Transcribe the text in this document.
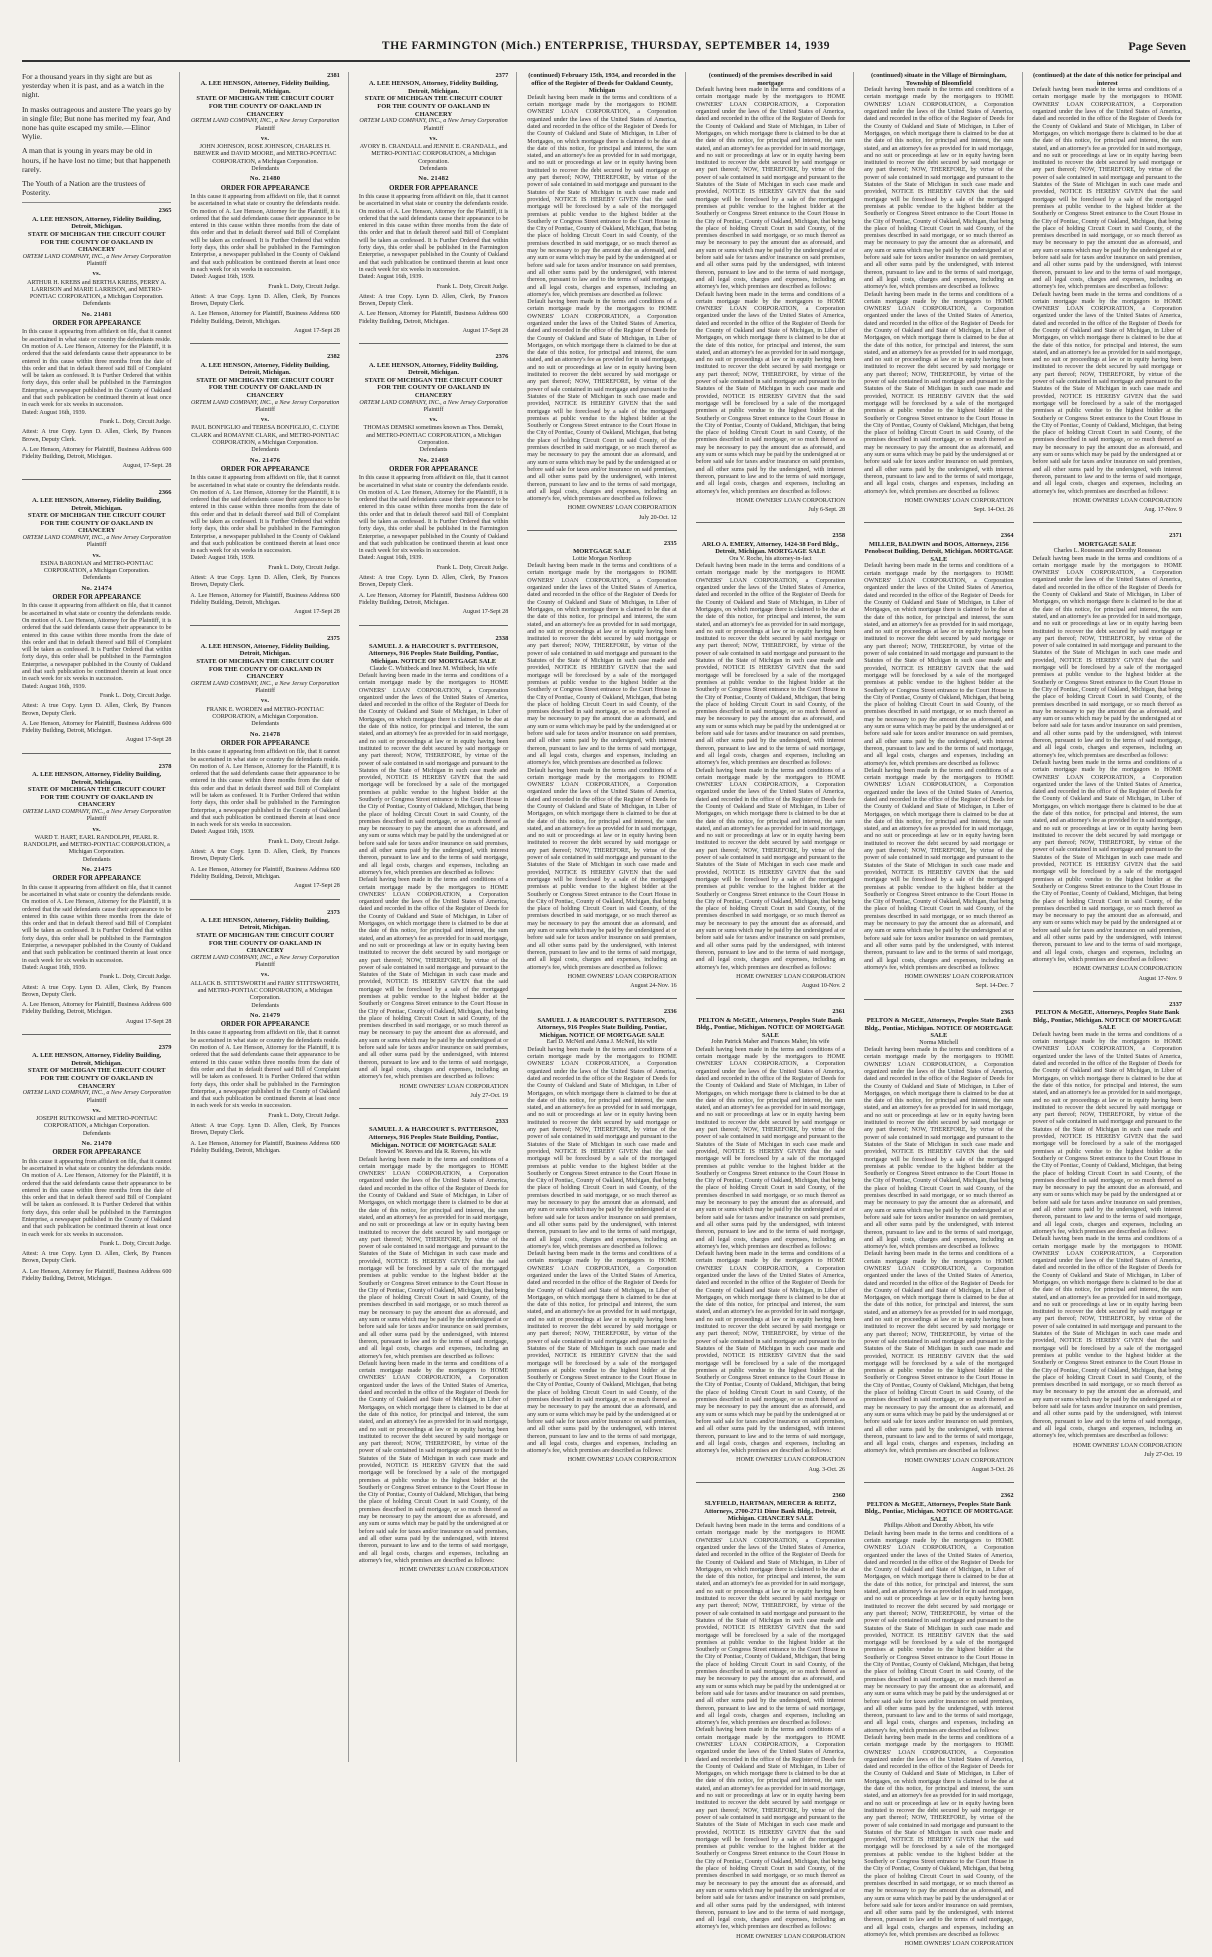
THE FARMINGTON (Mich.) ENTERPRISE, THURSDAY, SEPTEMBER 14, 1939	Page Seven

For a thousand years in thy sight are but as yesterday when it is past, and as a watch in the night.

In masks outrageous and austere The years go by in single file; But none has merited my fear, And none has quite escaped my smile.—Elinor Wylie.

A man that is young in years may be old in hours, if he have lost no time; but that happeneth rarely.

The Youth of a Nation are the trustees of Posterity.

2365
A. LEE HENSON, Attorney, Fidelity Building, Detroit, Michigan.
STATE OF MICHIGAN THE CIRCUIT COURT FOR THE COUNTY OF OAKLAND IN CHANCERY
ORTEM LAND COMPANY, INC., a New Jersey Corporation
Plaintiff
vs.
ARTHUR H. KREBS and BERTHA KREBS, PERRY A. LARRISON and MARIE LARRISON, and METRO-PONTIAC CORPORATION, a Michigan Corporation.
Defendants
No. 21481
ORDER FOR APPEARANCE
In this cause it appearing from affidavit on file, that it cannot be ascertained in what state or country the defendants reside. On motion of A. Lee Henson, Attorney for the Plaintiff, it is ordered that the said defendants cause their appearance to be entered in this cause within three months from the date of this order and that in default thereof said Bill of Complaint will be taken as confessed. It is Further Ordered that within forty days, this order shall be published in the Farmington Enterprise, a newspaper published in the County of Oakland and that such publication be continued therein at least once in each week for six weeks in succession.
Dated: August 16th, 1939.
Frank L. Doty, Circuit Judge.
Attest: A true Copy. Lynn D. Allen, Clerk, By Frances Brown, Deputy Clerk.
A. Lee Henson, Attorney for Plaintiff, Business Address 600 Fidelity Building, Detroit, Michigan.
August, 17-Sept. 28
2366
A. LEE HENSON, Attorney, Fidelity Building, Detroit, Michigan.
STATE OF MICHIGAN THE CIRCUIT COURT FOR THE COUNTY OF OAKLAND IN CHANCERY
ORTEM LAND COMPANY, INC., a New Jersey Corporation
Plaintiff
vs.
ESINA BARONIAN and METRO-PONTIAC CORPORATION, a Michigan Corporation.
Defendants
No. 21474
ORDER FOR APPEARANCE
In this cause it appearing from affidavit on file, that it cannot be ascertained in what state or country the defendants reside. On motion of A. Lee Henson, Attorney for the Plaintiff, it is ordered that the said defendants cause their appearance to be entered in this cause within three months from the date of this order and that in default thereof said Bill of Complaint will be taken as confessed. It is Further Ordered that within forty days, this order shall be published in the Farmington Enterprise, a newspaper published in the County of Oakland and that such publication be continued therein at least once in each week for six weeks in succession.
Dated: August 16th, 1939.
Frank L. Doty, Circuit Judge.
Attest: A true Copy. Lynn D. Allen, Clerk, By Frances Brown, Deputy Clerk.
A. Lee Henson, Attorney for Plaintiff, Business Address 600 Fidelity Building, Detroit, Michigan.
August 17-Sept 28
2378
A. LEE HENSON, Attorney, Fidelity Building, Detroit, Michigan.
STATE OF MICHIGAN THE CIRCUIT COURT FOR THE COUNTY OF OAKLAND IN CHANCERY
ORTEM LAND COMPANY, INC., a New Jersey Corporation
Plaintiff
vs.
WARD T. HART, EARL RANDOLPH, PEARL R. RANDOLPH, and METRO-PONTIAC CORPORATION, a Michigan Corporation.
Defendants
No. 21475
ORDER FOR APPEARANCE
In this cause it appearing from affidavit on file, that it cannot be ascertained in what state or country the defendants reside. On motion of A. Lee Henson, Attorney for the Plaintiff, it is ordered that the said defendants cause their appearance to be entered in this cause within three months from the date of this order and that in default thereof said Bill of Complaint will be taken as confessed. It is Further Ordered that within forty days, this order shall be published in the Farmington Enterprise, a newspaper published in the County of Oakland and that such publication be continued therein at least once in each week for six weeks in succession.
Dated: August 16th, 1939.
Frank L. Doty, Circuit Judge.
Attest: A true Copy. Lynn D. Allen, Clerk, By Frances Brown, Deputy Clerk.
A. Lee Henson, Attorney for Plaintiff, Business Address 600 Fidelity Building, Detroit, Michigan.
August 17-Sept 28
2379
A. LEE HENSON, Attorney, Fidelity Building, Detroit, Michigan.
STATE OF MICHIGAN THE CIRCUIT COURT FOR THE COUNTY OF OAKLAND IN CHANCERY
ORTEM LAND COMPANY, INC., a New Jersey Corporation
Plaintiff
vs.
JOSEPH RUTKOWSKI and METRO-PONTIAC CORPORATION, a Michigan Corporation.
Defendants
No. 21470
ORDER FOR APPEARANCE
In this cause it appearing from affidavit on file, that it cannot be ascertained in what state or country the defendants reside. On motion of A. Lee Henson, Attorney for the Plaintiff, it is ordered that the said defendants cause their appearance to be entered in this cause within three months from the date of this order and that in default thereof said Bill of Complaint will be taken as confessed. It is Further Ordered that within forty days, this order shall be published in the Farmington Enterprise, a newspaper published in the County of Oakland and that such publication be continued therein at least once in each week for six weeks in succession.
Frank L. Doty, Circuit Judge.
Attest: A true Copy. Lynn D. Allen, Clerk, By Frances Brown, Deputy Clerk.
A. Lee Henson, Attorney for Plaintiff, Business Address 600 Fidelity Building, Detroit, Michigan.
2381
A. LEE HENSON, Attorney, Fidelity Building, Detroit, Michigan.
STATE OF MICHIGAN THE CIRCUIT COURT FOR THE COUNTY OF OAKLAND IN CHANCERY
ORTEM LAND COMPANY, INC., a New Jersey Corporation
Plaintiff
vs.
JOHN JOHNSON, ROSE JOHNSON, CHARLES H. BREWER and DAVID MOORE, and METRO-PONTIAC CORPORATION, a Michigan Corporation.
Defendants
No. 21480
ORDER FOR APPEARANCE
In this cause it appearing from affidavit on file, that it cannot be ascertained in what state or country the defendants reside. On motion of A. Lee Henson, Attorney for the Plaintiff, it is ordered that the said defendants cause their appearance to be entered in this cause within three months from the date of this order and that in default thereof said Bill of Complaint will be taken as confessed. It is Further Ordered that within forty days, this order shall be published in the Farmington Enterprise, a newspaper published in the County of Oakland and that such publication be continued therein at least once in each week for six weeks in succession.
Dated: August 16th, 1939.
Frank L. Doty, Circuit Judge.
Attest: A true Copy. Lynn D. Allen, Clerk, By Frances Brown, Deputy Clerk.
A. Lee Henson, Attorney for Plaintiff, Business Address 600 Fidelity Building, Detroit, Michigan.
August 17-Sept 28
2382
A. LEE HENSON, Attorney, Fidelity Building, Detroit, Michigan.
STATE OF MICHIGAN THE CIRCUIT COURT FOR THE COUNTY OF OAKLAND IN CHANCERY
ORTEM LAND COMPANY, INC., a New Jersey Corporation
Plaintiff
vs.
PAUL BONFIGLIO and TERESA BONFIGLIO, C. CLYDE CLARK and ROMAYNE CLARK, and METRO-PONTIAC CORPORATION, a Michigan Corporation.
Defendants
No. 21476
ORDER FOR APPEARANCE
In this cause it appearing from affidavit on file, that it cannot be ascertained in what state or country the defendants reside. On motion of A. Lee Henson, Attorney for the Plaintiff, it is ordered that the said defendants cause their appearance to be entered in this cause within three months from the date of this order and that in default thereof said Bill of Complaint will be taken as confessed. It is Further Ordered that within forty days, this order shall be published in the Farmington Enterprise, a newspaper published in the County of Oakland and that such publication be continued therein at least once in each week for six weeks in succession.
Dated: August 16th, 1939.
Frank L. Doty, Circuit Judge.
Attest: A true Copy. Lynn D. Allen, Clerk, By Frances Brown, Deputy Clerk.
A. Lee Henson, Attorney for Plaintiff, Business Address 600 Fidelity Building, Detroit, Michigan.
August 17-Sept 28
2375
A. LEE HENSON, Attorney, Fidelity Building, Detroit, Michigan.
STATE OF MICHIGAN THE CIRCUIT COURT FOR THE COUNTY OF OAKLAND IN CHANCERY
ORTEM LAND COMPANY, INC., a New Jersey Corporation
Plaintiff
vs.
FRANK E. WORDEN and METRO-PONTIAC CORPORATION, a Michigan Corporation.
Defendants
No. 21478
ORDER FOR APPEARANCE
In this cause it appearing from affidavit on file, that it cannot be ascertained in what state or country the defendants reside. On motion of A. Lee Henson, Attorney for the Plaintiff, it is ordered that the said defendants cause their appearance to be entered in this cause within three months from the date of this order and that in default thereof said Bill of Complaint will be taken as confessed. It is Further Ordered that within forty days, this order shall be published in the Farmington Enterprise, a newspaper published in the County of Oakland and that such publication be continued therein at least once in each week for six weeks in succession.
Dated: August 16th, 1939.
Frank L. Doty, Circuit Judge.
Attest: A true Copy. Lynn D. Allen, Clerk, By Frances Brown, Deputy Clerk.
A. Lee Henson, Attorney for Plaintiff, Business Address 600 Fidelity Building, Detroit, Michigan.
August 17-Sept 28
2373
A. LEE HENSON, Attorney, Fidelity Building, Detroit, Michigan.
STATE OF MICHIGAN THE CIRCUIT COURT FOR THE COUNTY OF OAKLAND IN CHANCERY
ORTEM LAND COMPANY, INC., a New Jersey Corporation
Plaintiff
vs.
ALLACK B. STITTSWORTH and FAIRY STITTSWORTH, and METRO-PONTIAC CORPORATION, a Michigan Corporation.
Defendants
No. 21479
ORDER FOR APPEARANCE
In this cause it appearing from affidavit on file, that it cannot be ascertained in what state or country the defendants reside. On motion of A. Lee Henson, Attorney for the Plaintiff, it is ordered that the said defendants cause their appearance to be entered in this cause within three months from the date of this order and that in default thereof said Bill of Complaint will be taken as confessed. It is Further Ordered that within forty days, this order shall be published in the Farmington Enterprise, a newspaper published in the County of Oakland and that such publication be continued therein at least once in each week for six weeks in succession.
Frank L. Doty, Circuit Judge.
Attest: A true Copy. Lynn D. Allen, Clerk, By Frances Brown, Deputy Clerk.
A. Lee Henson, Attorney for Plaintiff, Business Address 600 Fidelity Building, Detroit, Michigan.
2377
A. LEE HENSON, Attorney, Fidelity Building, Detroit, Michigan.
STATE OF MICHIGAN THE CIRCUIT COURT FOR THE COUNTY OF OAKLAND IN CHANCERY
ORTEM LAND COMPANY, INC., a New Jersey Corporation
Plaintiff
vs.
AVORY B. CRANDALL and JENNIE E. CRANDALL, and METRO-PONTIAC CORPORATION, a Michigan Corporation.
Defendants
No. 21482
ORDER FOR APPEARANCE
In this cause it appearing from affidavit on file, that it cannot be ascertained in what state or country the defendants reside. On motion of A. Lee Henson, Attorney for the Plaintiff, it is ordered that the said defendants cause their appearance to be entered in this cause within three months from the date of this order and that in default thereof said Bill of Complaint will be taken as confessed. It is Further Ordered that within forty days, this order shall be published in the Farmington Enterprise, a newspaper published in the County of Oakland and that such publication be continued therein at least once in each week for six weeks in succession.
Dated: August 16th, 1939.
Frank L. Doty, Circuit Judge.
Attest: A true Copy. Lynn D. Allen, Clerk, By Frances Brown, Deputy Clerk.
A. Lee Henson, Attorney for Plaintiff, Business Address 600 Fidelity Building, Detroit, Michigan.
August 17-Sept 28
2376
A. LEE HENSON, Attorney, Fidelity Building, Detroit, Michigan.
STATE OF MICHIGAN THE CIRCUIT COURT FOR THE COUNTY OF OAKLAND IN CHANCERY
ORTEM LAND COMPANY, INC., a New Jersey Corporation
Plaintiff
vs.
THOMAS DEMSKI sometimes known as Thos. Demski, and METRO-PONTIAC CORPORATION, a Michigan Corporation.
Defendants
No. 21469
ORDER FOR APPEARANCE
In this cause it appearing from affidavit on file, that it cannot be ascertained in what state or country the defendants reside. On motion of A. Lee Henson, Attorney for the Plaintiff, it is ordered that the said defendants cause their appearance to be entered in this cause within three months from the date of this order and that in default thereof said Bill of Complaint will be taken as confessed. It is Further Ordered that within forty days, this order shall be published in the Farmington Enterprise, a newspaper published in the County of Oakland and that such publication be continued therein at least once in each week for six weeks in succession.
Dated: August 16th, 1939.
Frank L. Doty, Circuit Judge.
Attest: A true Copy. Lynn D. Allen, Clerk, By Frances Brown, Deputy Clerk.
A. Lee Henson, Attorney for Plaintiff, Business Address 600 Fidelity Building, Detroit, Michigan.
August 17-Sept 28
2338
SAMUEL J. & HARCOURT S. PATTERSON, Attorneys, 916 Peoples State Building, Pontiac, Michigan. NOTICE OF MORTGAGE SALE
Claude C. Whitbeck and Inez M. Whitbeck, his wife
Default having been made in the terms and conditions of a certain mortgage made by the mortgagors to HOME OWNERS' LOAN CORPORATION, a Corporation organized under the laws of the United States of America, dated and recorded in the office of the Register of Deeds for the County of Oakland and State of Michigan, in Liber of Mortgages, on which mortgage there is claimed to be due at the date of this notice, for principal and interest, the sum stated, and an attorney's fee as provided for in said mortgage, and no suit or proceedings at law or in equity having been instituted to recover the debt secured by said mortgage or any part thereof; NOW, THEREFORE, by virtue of the power of sale contained in said mortgage and pursuant to the Statutes of the State of Michigan in such case made and provided, NOTICE IS HEREBY GIVEN that the said mortgage will be foreclosed by a sale of the mortgaged premises at public vendue to the highest bidder at the Southerly or Congress Street entrance to the Court House in the City of Pontiac, County of Oakland, Michigan, that being the place of holding Circuit Court in said County, of the premises described in said mortgage, or so much thereof as may be necessary to pay the amount due as aforesaid, and any sum or sums which may be paid by the undersigned at or before said sale for taxes and/or insurance on said premises, and all other sums paid by the undersigned, with interest thereon, pursuant to law and to the terms of said mortgage, and all legal costs, charges and expenses, including an attorney's fee, which premises are described as follows:
Default having been made in the terms and conditions of a certain mortgage made by the mortgagors to HOME OWNERS' LOAN CORPORATION, a Corporation organized under the laws of the United States of America, dated and recorded in the office of the Register of Deeds for the County of Oakland and State of Michigan, in Liber of Mortgages, on which mortgage there is claimed to be due at the date of this notice, for principal and interest, the sum stated, and an attorney's fee as provided for in said mortgage, and no suit or proceedings at law or in equity having been instituted to recover the debt secured by said mortgage or any part thereof; NOW, THEREFORE, by virtue of the power of sale contained in said mortgage and pursuant to the Statutes of the State of Michigan in such case made and provided, NOTICE IS HEREBY GIVEN that the said mortgage will be foreclosed by a sale of the mortgaged premises at public vendue to the highest bidder at the Southerly or Congress Street entrance to the Court House in the City of Pontiac, County of Oakland, Michigan, that being the place of holding Circuit Court in said County, of the premises described in said mortgage, or so much thereof as may be necessary to pay the amount due as aforesaid, and any sum or sums which may be paid by the undersigned at or before said sale for taxes and/or insurance on said premises, and all other sums paid by the undersigned, with interest thereon, pursuant to law and to the terms of said mortgage, and all legal costs, charges and expenses, including an attorney's fee, which premises are described as follows:
HOME OWNERS' LOAN CORPORATION
July 27-Oct. 19
2333
SAMUEL J. & HARCOURT S. PATTERSON, Attorneys, 916 Peoples State Building, Pontiac, Michigan. NOTICE OF MORTGAGE SALE
Howard W. Reeves and Ida R. Reeves, his wife
Default having been made in the terms and conditions of a certain mortgage made by the mortgagors to HOME OWNERS' LOAN CORPORATION, a Corporation organized under the laws of the United States of America, dated and recorded in the office of the Register of Deeds for the County of Oakland and State of Michigan, in Liber of Mortgages, on which mortgage there is claimed to be due at the date of this notice, for principal and interest, the sum stated, and an attorney's fee as provided for in said mortgage, and no suit or proceedings at law or in equity having been instituted to recover the debt secured by said mortgage or any part thereof; NOW, THEREFORE, by virtue of the power of sale contained in said mortgage and pursuant to the Statutes of the State of Michigan in such case made and provided, NOTICE IS HEREBY GIVEN that the said mortgage will be foreclosed by a sale of the mortgaged premises at public vendue to the highest bidder at the Southerly or Congress Street entrance to the Court House in the City of Pontiac, County of Oakland, Michigan, that being the place of holding Circuit Court in said County, of the premises described in said mortgage, or so much thereof as may be necessary to pay the amount due as aforesaid, and any sum or sums which may be paid by the undersigned at or before said sale for taxes and/or insurance on said premises, and all other sums paid by the undersigned, with interest thereon, pursuant to law and to the terms of said mortgage, and all legal costs, charges and expenses, including an attorney's fee, which premises are described as follows:
Default having been made in the terms and conditions of a certain mortgage made by the mortgagors to HOME OWNERS' LOAN CORPORATION, a Corporation organized under the laws of the United States of America, dated and recorded in the office of the Register of Deeds for the County of Oakland and State of Michigan, in Liber of Mortgages, on which mortgage there is claimed to be due at the date of this notice, for principal and interest, the sum stated, and an attorney's fee as provided for in said mortgage, and no suit or proceedings at law or in equity having been instituted to recover the debt secured by said mortgage or any part thereof; NOW, THEREFORE, by virtue of the power of sale contained in said mortgage and pursuant to the Statutes of the State of Michigan in such case made and provided, NOTICE IS HEREBY GIVEN that the said mortgage will be foreclosed by a sale of the mortgaged premises at public vendue to the highest bidder at the Southerly or Congress Street entrance to the Court House in the City of Pontiac, County of Oakland, Michigan, that being the place of holding Circuit Court in said County, of the premises described in said mortgage, or so much thereof as may be necessary to pay the amount due as aforesaid, and any sum or sums which may be paid by the undersigned at or before said sale for taxes and/or insurance on said premises, and all other sums paid by the undersigned, with interest thereon, pursuant to law and to the terms of said mortgage, and all legal costs, charges and expenses, including an attorney's fee, which premises are described as follows:
HOME OWNERS' LOAN CORPORATION
(continued) February 15th, 1934, and recorded in the office of the Register of Deeds for Oakland County, Michigan
Default having been made in the terms and conditions of a certain mortgage made by the mortgagors to HOME OWNERS' LOAN CORPORATION, a Corporation organized under the laws of the United States of America, dated and recorded in the office of the Register of Deeds for the County of Oakland and State of Michigan, in Liber of Mortgages, on which mortgage there is claimed to be due at the date of this notice, for principal and interest, the sum stated, and an attorney's fee as provided for in said mortgage, and no suit or proceedings at law or in equity having been instituted to recover the debt secured by said mortgage or any part thereof; NOW, THEREFORE, by virtue of the power of sale contained in said mortgage and pursuant to the Statutes of the State of Michigan in such case made and provided, NOTICE IS HEREBY GIVEN that the said mortgage will be foreclosed by a sale of the mortgaged premises at public vendue to the highest bidder at the Southerly or Congress Street entrance to the Court House in the City of Pontiac, County of Oakland, Michigan, that being the place of holding Circuit Court in said County, of the premises described in said mortgage, or so much thereof as may be necessary to pay the amount due as aforesaid, and any sum or sums which may be paid by the undersigned at or before said sale for taxes and/or insurance on said premises, and all other sums paid by the undersigned, with interest thereon, pursuant to law and to the terms of said mortgage, and all legal costs, charges and expenses, including an attorney's fee, which premises are described as follows:
Default having been made in the terms and conditions of a certain mortgage made by the mortgagors to HOME OWNERS' LOAN CORPORATION, a Corporation organized under the laws of the United States of America, dated and recorded in the office of the Register of Deeds for the County of Oakland and State of Michigan, in Liber of Mortgages, on which mortgage there is claimed to be due at the date of this notice, for principal and interest, the sum stated, and an attorney's fee as provided for in said mortgage, and no suit or proceedings at law or in equity having been instituted to recover the debt secured by said mortgage or any part thereof; NOW, THEREFORE, by virtue of the power of sale contained in said mortgage and pursuant to the Statutes of the State of Michigan in such case made and provided, NOTICE IS HEREBY GIVEN that the said mortgage will be foreclosed by a sale of the mortgaged premises at public vendue to the highest bidder at the Southerly or Congress Street entrance to the Court House in the City of Pontiac, County of Oakland, Michigan, that being the place of holding Circuit Court in said County, of the premises described in said mortgage, or so much thereof as may be necessary to pay the amount due as aforesaid, and any sum or sums which may be paid by the undersigned at or before said sale for taxes and/or insurance on said premises, and all other sums paid by the undersigned, with interest thereon, pursuant to law and to the terms of said mortgage, and all legal costs, charges and expenses, including an attorney's fee, which premises are described as follows:
HOME OWNERS' LOAN CORPORATION
July 20-Oct. 12
2335
MORTGAGE SALE
Lottie Morgan Northrop
Default having been made in the terms and conditions of a certain mortgage made by the mortgagors to HOME OWNERS' LOAN CORPORATION, a Corporation organized under the laws of the United States of America, dated and recorded in the office of the Register of Deeds for the County of Oakland and State of Michigan, in Liber of Mortgages, on which mortgage there is claimed to be due at the date of this notice, for principal and interest, the sum stated, and an attorney's fee as provided for in said mortgage, and no suit or proceedings at law or in equity having been instituted to recover the debt secured by said mortgage or any part thereof; NOW, THEREFORE, by virtue of the power of sale contained in said mortgage and pursuant to the Statutes of the State of Michigan in such case made and provided, NOTICE IS HEREBY GIVEN that the said mortgage will be foreclosed by a sale of the mortgaged premises at public vendue to the highest bidder at the Southerly or Congress Street entrance to the Court House in the City of Pontiac, County of Oakland, Michigan, that being the place of holding Circuit Court in said County, of the premises described in said mortgage, or so much thereof as may be necessary to pay the amount due as aforesaid, and any sum or sums which may be paid by the undersigned at or before said sale for taxes and/or insurance on said premises, and all other sums paid by the undersigned, with interest thereon, pursuant to law and to the terms of said mortgage, and all legal costs, charges and expenses, including an attorney's fee, which premises are described as follows:
Default having been made in the terms and conditions of a certain mortgage made by the mortgagors to HOME OWNERS' LOAN CORPORATION, a Corporation organized under the laws of the United States of America, dated and recorded in the office of the Register of Deeds for the County of Oakland and State of Michigan, in Liber of Mortgages, on which mortgage there is claimed to be due at the date of this notice, for principal and interest, the sum stated, and an attorney's fee as provided for in said mortgage, and no suit or proceedings at law or in equity having been instituted to recover the debt secured by said mortgage or any part thereof; NOW, THEREFORE, by virtue of the power of sale contained in said mortgage and pursuant to the Statutes of the State of Michigan in such case made and provided, NOTICE IS HEREBY GIVEN that the said mortgage will be foreclosed by a sale of the mortgaged premises at public vendue to the highest bidder at the Southerly or Congress Street entrance to the Court House in the City of Pontiac, County of Oakland, Michigan, that being the place of holding Circuit Court in said County, of the premises described in said mortgage, or so much thereof as may be necessary to pay the amount due as aforesaid, and any sum or sums which may be paid by the undersigned at or before said sale for taxes and/or insurance on said premises, and all other sums paid by the undersigned, with interest thereon, pursuant to law and to the terms of said mortgage, and all legal costs, charges and expenses, including an attorney's fee, which premises are described as follows:
HOME OWNERS' LOAN CORPORATION
August 24-Nov. 16
2336
SAMUEL J. & HARCOURT S. PATTERSON, Attorneys, 916 Peoples State Building, Pontiac, Michigan. NOTICE OF MORTGAGE SALE
Earl D. McNeil and Anna J. McNeil, his wife
Default having been made in the terms and conditions of a certain mortgage made by the mortgagors to HOME OWNERS' LOAN CORPORATION, a Corporation organized under the laws of the United States of America, dated and recorded in the office of the Register of Deeds for the County of Oakland and State of Michigan, in Liber of Mortgages, on which mortgage there is claimed to be due at the date of this notice, for principal and interest, the sum stated, and an attorney's fee as provided for in said mortgage, and no suit or proceedings at law or in equity having been instituted to recover the debt secured by said mortgage or any part thereof; NOW, THEREFORE, by virtue of the power of sale contained in said mortgage and pursuant to the Statutes of the State of Michigan in such case made and provided, NOTICE IS HEREBY GIVEN that the said mortgage will be foreclosed by a sale of the mortgaged premises at public vendue to the highest bidder at the Southerly or Congress Street entrance to the Court House in the City of Pontiac, County of Oakland, Michigan, that being the place of holding Circuit Court in said County, of the premises described in said mortgage, or so much thereof as may be necessary to pay the amount due as aforesaid, and any sum or sums which may be paid by the undersigned at or before said sale for taxes and/or insurance on said premises, and all other sums paid by the undersigned, with interest thereon, pursuant to law and to the terms of said mortgage, and all legal costs, charges and expenses, including an attorney's fee, which premises are described as follows:
Default having been made in the terms and conditions of a certain mortgage made by the mortgagors to HOME OWNERS' LOAN CORPORATION, a Corporation organized under the laws of the United States of America, dated and recorded in the office of the Register of Deeds for the County of Oakland and State of Michigan, in Liber of Mortgages, on which mortgage there is claimed to be due at the date of this notice, for principal and interest, the sum stated, and an attorney's fee as provided for in said mortgage, and no suit or proceedings at law or in equity having been instituted to recover the debt secured by said mortgage or any part thereof; NOW, THEREFORE, by virtue of the power of sale contained in said mortgage and pursuant to the Statutes of the State of Michigan in such case made and provided, NOTICE IS HEREBY GIVEN that the said mortgage will be foreclosed by a sale of the mortgaged premises at public vendue to the highest bidder at the Southerly or Congress Street entrance to the Court House in the City of Pontiac, County of Oakland, Michigan, that being the place of holding Circuit Court in said County, of the premises described in said mortgage, or so much thereof as may be necessary to pay the amount due as aforesaid, and any sum or sums which may be paid by the undersigned at or before said sale for taxes and/or insurance on said premises, and all other sums paid by the undersigned, with interest thereon, pursuant to law and to the terms of said mortgage, and all legal costs, charges and expenses, including an attorney's fee, which premises are described as follows:
HOME OWNERS' LOAN CORPORATION
(continued) of the premises described in said mortgage
Default having been made in the terms and conditions of a certain mortgage made by the mortgagors to HOME OWNERS' LOAN CORPORATION, a Corporation organized under the laws of the United States of America, dated and recorded in the office of the Register of Deeds for the County of Oakland and State of Michigan, in Liber of Mortgages, on which mortgage there is claimed to be due at the date of this notice, for principal and interest, the sum stated, and an attorney's fee as provided for in said mortgage, and no suit or proceedings at law or in equity having been instituted to recover the debt secured by said mortgage or any part thereof; NOW, THEREFORE, by virtue of the power of sale contained in said mortgage and pursuant to the Statutes of the State of Michigan in such case made and provided, NOTICE IS HEREBY GIVEN that the said mortgage will be foreclosed by a sale of the mortgaged premises at public vendue to the highest bidder at the Southerly or Congress Street entrance to the Court House in the City of Pontiac, County of Oakland, Michigan, that being the place of holding Circuit Court in said County, of the premises described in said mortgage, or so much thereof as may be necessary to pay the amount due as aforesaid, and any sum or sums which may be paid by the undersigned at or before said sale for taxes and/or insurance on said premises, and all other sums paid by the undersigned, with interest thereon, pursuant to law and to the terms of said mortgage, and all legal costs, charges and expenses, including an attorney's fee, which premises are described as follows:
Default having been made in the terms and conditions of a certain mortgage made by the mortgagors to HOME OWNERS' LOAN CORPORATION, a Corporation organized under the laws of the United States of America, dated and recorded in the office of the Register of Deeds for the County of Oakland and State of Michigan, in Liber of Mortgages, on which mortgage there is claimed to be due at the date of this notice, for principal and interest, the sum stated, and an attorney's fee as provided for in said mortgage, and no suit or proceedings at law or in equity having been instituted to recover the debt secured by said mortgage or any part thereof; NOW, THEREFORE, by virtue of the power of sale contained in said mortgage and pursuant to the Statutes of the State of Michigan in such case made and provided, NOTICE IS HEREBY GIVEN that the said mortgage will be foreclosed by a sale of the mortgaged premises at public vendue to the highest bidder at the Southerly or Congress Street entrance to the Court House in the City of Pontiac, County of Oakland, Michigan, that being the place of holding Circuit Court in said County, of the premises described in said mortgage, or so much thereof as may be necessary to pay the amount due as aforesaid, and any sum or sums which may be paid by the undersigned at or before said sale for taxes and/or insurance on said premises, and all other sums paid by the undersigned, with interest thereon, pursuant to law and to the terms of said mortgage, and all legal costs, charges and expenses, including an attorney's fee, which premises are described as follows:
HOME OWNERS' LOAN CORPORATION
July 6-Sept. 28
2358
ARLO A. EMERY, Attorney, 1424-38 Ford Bldg., Detroit, Michigan. MORTGAGE SALE
Ora V. Roche, his attorney-in-fact
Default having been made in the terms and conditions of a certain mortgage made by the mortgagors to HOME OWNERS' LOAN CORPORATION, a Corporation organized under the laws of the United States of America, dated and recorded in the office of the Register of Deeds for the County of Oakland and State of Michigan, in Liber of Mortgages, on which mortgage there is claimed to be due at the date of this notice, for principal and interest, the sum stated, and an attorney's fee as provided for in said mortgage, and no suit or proceedings at law or in equity having been instituted to recover the debt secured by said mortgage or any part thereof; NOW, THEREFORE, by virtue of the power of sale contained in said mortgage and pursuant to the Statutes of the State of Michigan in such case made and provided, NOTICE IS HEREBY GIVEN that the said mortgage will be foreclosed by a sale of the mortgaged premises at public vendue to the highest bidder at the Southerly or Congress Street entrance to the Court House in the City of Pontiac, County of Oakland, Michigan, that being the place of holding Circuit Court in said County, of the premises described in said mortgage, or so much thereof as may be necessary to pay the amount due as aforesaid, and any sum or sums which may be paid by the undersigned at or before said sale for taxes and/or insurance on said premises, and all other sums paid by the undersigned, with interest thereon, pursuant to law and to the terms of said mortgage, and all legal costs, charges and expenses, including an attorney's fee, which premises are described as follows:
Default having been made in the terms and conditions of a certain mortgage made by the mortgagors to HOME OWNERS' LOAN CORPORATION, a Corporation organized under the laws of the United States of America, dated and recorded in the office of the Register of Deeds for the County of Oakland and State of Michigan, in Liber of Mortgages, on which mortgage there is claimed to be due at the date of this notice, for principal and interest, the sum stated, and an attorney's fee as provided for in said mortgage, and no suit or proceedings at law or in equity having been instituted to recover the debt secured by said mortgage or any part thereof; NOW, THEREFORE, by virtue of the power of sale contained in said mortgage and pursuant to the Statutes of the State of Michigan in such case made and provided, NOTICE IS HEREBY GIVEN that the said mortgage will be foreclosed by a sale of the mortgaged premises at public vendue to the highest bidder at the Southerly or Congress Street entrance to the Court House in the City of Pontiac, County of Oakland, Michigan, that being the place of holding Circuit Court in said County, of the premises described in said mortgage, or so much thereof as may be necessary to pay the amount due as aforesaid, and any sum or sums which may be paid by the undersigned at or before said sale for taxes and/or insurance on said premises, and all other sums paid by the undersigned, with interest thereon, pursuant to law and to the terms of said mortgage, and all legal costs, charges and expenses, including an attorney's fee, which premises are described as follows:
HOME OWNERS' LOAN CORPORATION
August 10-Nov. 2
2361
PELTON & McGEE, Attorneys, Peoples State Bank Bldg., Pontiac, Michigan. NOTICE OF MORTGAGE SALE
John Patrick Maher and Frances Maher, his wife
Default having been made in the terms and conditions of a certain mortgage made by the mortgagors to HOME OWNERS' LOAN CORPORATION, a Corporation organized under the laws of the United States of America, dated and recorded in the office of the Register of Deeds for the County of Oakland and State of Michigan, in Liber of Mortgages, on which mortgage there is claimed to be due at the date of this notice, for principal and interest, the sum stated, and an attorney's fee as provided for in said mortgage, and no suit or proceedings at law or in equity having been instituted to recover the debt secured by said mortgage or any part thereof; NOW, THEREFORE, by virtue of the power of sale contained in said mortgage and pursuant to the Statutes of the State of Michigan in such case made and provided, NOTICE IS HEREBY GIVEN that the said mortgage will be foreclosed by a sale of the mortgaged premises at public vendue to the highest bidder at the Southerly or Congress Street entrance to the Court House in the City of Pontiac, County of Oakland, Michigan, that being the place of holding Circuit Court in said County, of the premises described in said mortgage, or so much thereof as may be necessary to pay the amount due as aforesaid, and any sum or sums which may be paid by the undersigned at or before said sale for taxes and/or insurance on said premises, and all other sums paid by the undersigned, with interest thereon, pursuant to law and to the terms of said mortgage, and all legal costs, charges and expenses, including an attorney's fee, which premises are described as follows:
Default having been made in the terms and conditions of a certain mortgage made by the mortgagors to HOME OWNERS' LOAN CORPORATION, a Corporation organized under the laws of the United States of America, dated and recorded in the office of the Register of Deeds for the County of Oakland and State of Michigan, in Liber of Mortgages, on which mortgage there is claimed to be due at the date of this notice, for principal and interest, the sum stated, and an attorney's fee as provided for in said mortgage, and no suit or proceedings at law or in equity having been instituted to recover the debt secured by said mortgage or any part thereof; NOW, THEREFORE, by virtue of the power of sale contained in said mortgage and pursuant to the Statutes of the State of Michigan in such case made and provided, NOTICE IS HEREBY GIVEN that the said mortgage will be foreclosed by a sale of the mortgaged premises at public vendue to the highest bidder at the Southerly or Congress Street entrance to the Court House in the City of Pontiac, County of Oakland, Michigan, that being the place of holding Circuit Court in said County, of the premises described in said mortgage, or so much thereof as may be necessary to pay the amount due as aforesaid, and any sum or sums which may be paid by the undersigned at or before said sale for taxes and/or insurance on said premises, and all other sums paid by the undersigned, with interest thereon, pursuant to law and to the terms of said mortgage, and all legal costs, charges and expenses, including an attorney's fee, which premises are described as follows:
HOME OWNERS' LOAN CORPORATION
Aug. 3-Oct. 26
2360
SLYFIELD, HARTMAN, MERCER & REITZ, Attorneys, 2700-2711 Dime Bank Bldg., Detroit, Michigan. CHANCERY SALE
Default having been made in the terms and conditions of a certain mortgage made by the mortgagors to HOME OWNERS' LOAN CORPORATION, a Corporation organized under the laws of the United States of America, dated and recorded in the office of the Register of Deeds for the County of Oakland and State of Michigan, in Liber of Mortgages, on which mortgage there is claimed to be due at the date of this notice, for principal and interest, the sum stated, and an attorney's fee as provided for in said mortgage, and no suit or proceedings at law or in equity having been instituted to recover the debt secured by said mortgage or any part thereof; NOW, THEREFORE, by virtue of the power of sale contained in said mortgage and pursuant to the Statutes of the State of Michigan in such case made and provided, NOTICE IS HEREBY GIVEN that the said mortgage will be foreclosed by a sale of the mortgaged premises at public vendue to the highest bidder at the Southerly or Congress Street entrance to the Court House in the City of Pontiac, County of Oakland, Michigan, that being the place of holding Circuit Court in said County, of the premises described in said mortgage, or so much thereof as may be necessary to pay the amount due as aforesaid, and any sum or sums which may be paid by the undersigned at or before said sale for taxes and/or insurance on said premises, and all other sums paid by the undersigned, with interest thereon, pursuant to law and to the terms of said mortgage, and all legal costs, charges and expenses, including an attorney's fee, which premises are described as follows:
Default having been made in the terms and conditions of a certain mortgage made by the mortgagors to HOME OWNERS' LOAN CORPORATION, a Corporation organized under the laws of the United States of America, dated and recorded in the office of the Register of Deeds for the County of Oakland and State of Michigan, in Liber of Mortgages, on which mortgage there is claimed to be due at the date of this notice, for principal and interest, the sum stated, and an attorney's fee as provided for in said mortgage, and no suit or proceedings at law or in equity having been instituted to recover the debt secured by said mortgage or any part thereof; NOW, THEREFORE, by virtue of the power of sale contained in said mortgage and pursuant to the Statutes of the State of Michigan in such case made and provided, NOTICE IS HEREBY GIVEN that the said mortgage will be foreclosed by a sale of the mortgaged premises at public vendue to the highest bidder at the Southerly or Congress Street entrance to the Court House in the City of Pontiac, County of Oakland, Michigan, that being the place of holding Circuit Court in said County, of the premises described in said mortgage, or so much thereof as may be necessary to pay the amount due as aforesaid, and any sum or sums which may be paid by the undersigned at or before said sale for taxes and/or insurance on said premises, and all other sums paid by the undersigned, with interest thereon, pursuant to law and to the terms of said mortgage, and all legal costs, charges and expenses, including an attorney's fee, which premises are described as follows:
HOME OWNERS' LOAN CORPORATION
(continued) situate in the Village of Birmingham, Township of Bloomfield
Default having been made in the terms and conditions of a certain mortgage made by the mortgagors to HOME OWNERS' LOAN CORPORATION, a Corporation organized under the laws of the United States of America, dated and recorded in the office of the Register of Deeds for the County of Oakland and State of Michigan, in Liber of Mortgages, on which mortgage there is claimed to be due at the date of this notice, for principal and interest, the sum stated, and an attorney's fee as provided for in said mortgage, and no suit or proceedings at law or in equity having been instituted to recover the debt secured by said mortgage or any part thereof; NOW, THEREFORE, by virtue of the power of sale contained in said mortgage and pursuant to the Statutes of the State of Michigan in such case made and provided, NOTICE IS HEREBY GIVEN that the said mortgage will be foreclosed by a sale of the mortgaged premises at public vendue to the highest bidder at the Southerly or Congress Street entrance to the Court House in the City of Pontiac, County of Oakland, Michigan, that being the place of holding Circuit Court in said County, of the premises described in said mortgage, or so much thereof as may be necessary to pay the amount due as aforesaid, and any sum or sums which may be paid by the undersigned at or before said sale for taxes and/or insurance on said premises, and all other sums paid by the undersigned, with interest thereon, pursuant to law and to the terms of said mortgage, and all legal costs, charges and expenses, including an attorney's fee, which premises are described as follows:
Default having been made in the terms and conditions of a certain mortgage made by the mortgagors to HOME OWNERS' LOAN CORPORATION, a Corporation organized under the laws of the United States of America, dated and recorded in the office of the Register of Deeds for the County of Oakland and State of Michigan, in Liber of Mortgages, on which mortgage there is claimed to be due at the date of this notice, for principal and interest, the sum stated, and an attorney's fee as provided for in said mortgage, and no suit or proceedings at law or in equity having been instituted to recover the debt secured by said mortgage or any part thereof; NOW, THEREFORE, by virtue of the power of sale contained in said mortgage and pursuant to the Statutes of the State of Michigan in such case made and provided, NOTICE IS HEREBY GIVEN that the said mortgage will be foreclosed by a sale of the mortgaged premises at public vendue to the highest bidder at the Southerly or Congress Street entrance to the Court House in the City of Pontiac, County of Oakland, Michigan, that being the place of holding Circuit Court in said County, of the premises described in said mortgage, or so much thereof as may be necessary to pay the amount due as aforesaid, and any sum or sums which may be paid by the undersigned at or before said sale for taxes and/or insurance on said premises, and all other sums paid by the undersigned, with interest thereon, pursuant to law and to the terms of said mortgage, and all legal costs, charges and expenses, including an attorney's fee, which premises are described as follows:
HOME OWNERS' LOAN CORPORATION
Sept. 14-Oct. 26
2364
MILLER, BALDWIN and BOOS, Attorneys, 2156 Penobscot Building, Detroit, Michigan. MORTGAGE SALE
Default having been made in the terms and conditions of a certain mortgage made by the mortgagors to HOME OWNERS' LOAN CORPORATION, a Corporation organized under the laws of the United States of America, dated and recorded in the office of the Register of Deeds for the County of Oakland and State of Michigan, in Liber of Mortgages, on which mortgage there is claimed to be due at the date of this notice, for principal and interest, the sum stated, and an attorney's fee as provided for in said mortgage, and no suit or proceedings at law or in equity having been instituted to recover the debt secured by said mortgage or any part thereof; NOW, THEREFORE, by virtue of the power of sale contained in said mortgage and pursuant to the Statutes of the State of Michigan in such case made and provided, NOTICE IS HEREBY GIVEN that the said mortgage will be foreclosed by a sale of the mortgaged premises at public vendue to the highest bidder at the Southerly or Congress Street entrance to the Court House in the City of Pontiac, County of Oakland, Michigan, that being the place of holding Circuit Court in said County, of the premises described in said mortgage, or so much thereof as may be necessary to pay the amount due as aforesaid, and any sum or sums which may be paid by the undersigned at or before said sale for taxes and/or insurance on said premises, and all other sums paid by the undersigned, with interest thereon, pursuant to law and to the terms of said mortgage, and all legal costs, charges and expenses, including an attorney's fee, which premises are described as follows:
Default having been made in the terms and conditions of a certain mortgage made by the mortgagors to HOME OWNERS' LOAN CORPORATION, a Corporation organized under the laws of the United States of America, dated and recorded in the office of the Register of Deeds for the County of Oakland and State of Michigan, in Liber of Mortgages, on which mortgage there is claimed to be due at the date of this notice, for principal and interest, the sum stated, and an attorney's fee as provided for in said mortgage, and no suit or proceedings at law or in equity having been instituted to recover the debt secured by said mortgage or any part thereof; NOW, THEREFORE, by virtue of the power of sale contained in said mortgage and pursuant to the Statutes of the State of Michigan in such case made and provided, NOTICE IS HEREBY GIVEN that the said mortgage will be foreclosed by a sale of the mortgaged premises at public vendue to the highest bidder at the Southerly or Congress Street entrance to the Court House in the City of Pontiac, County of Oakland, Michigan, that being the place of holding Circuit Court in said County, of the premises described in said mortgage, or so much thereof as may be necessary to pay the amount due as aforesaid, and any sum or sums which may be paid by the undersigned at or before said sale for taxes and/or insurance on said premises, and all other sums paid by the undersigned, with interest thereon, pursuant to law and to the terms of said mortgage, and all legal costs, charges and expenses, including an attorney's fee, which premises are described as follows:
HOME OWNERS' LOAN CORPORATION
Sept. 14-Dec. 7
2363
PELTON & McGEE, Attorneys, Peoples State Bank Bldg., Pontiac, Michigan. NOTICE OF MORTGAGE SALE
Norma Mitchell
Default having been made in the terms and conditions of a certain mortgage made by the mortgagors to HOME OWNERS' LOAN CORPORATION, a Corporation organized under the laws of the United States of America, dated and recorded in the office of the Register of Deeds for the County of Oakland and State of Michigan, in Liber of Mortgages, on which mortgage there is claimed to be due at the date of this notice, for principal and interest, the sum stated, and an attorney's fee as provided for in said mortgage, and no suit or proceedings at law or in equity having been instituted to recover the debt secured by said mortgage or any part thereof; NOW, THEREFORE, by virtue of the power of sale contained in said mortgage and pursuant to the Statutes of the State of Michigan in such case made and provided, NOTICE IS HEREBY GIVEN that the said mortgage will be foreclosed by a sale of the mortgaged premises at public vendue to the highest bidder at the Southerly or Congress Street entrance to the Court House in the City of Pontiac, County of Oakland, Michigan, that being the place of holding Circuit Court in said County, of the premises described in said mortgage, or so much thereof as may be necessary to pay the amount due as aforesaid, and any sum or sums which may be paid by the undersigned at or before said sale for taxes and/or insurance on said premises, and all other sums paid by the undersigned, with interest thereon, pursuant to law and to the terms of said mortgage, and all legal costs, charges and expenses, including an attorney's fee, which premises are described as follows:
Default having been made in the terms and conditions of a certain mortgage made by the mortgagors to HOME OWNERS' LOAN CORPORATION, a Corporation organized under the laws of the United States of America, dated and recorded in the office of the Register of Deeds for the County of Oakland and State of Michigan, in Liber of Mortgages, on which mortgage there is claimed to be due at the date of this notice, for principal and interest, the sum stated, and an attorney's fee as provided for in said mortgage, and no suit or proceedings at law or in equity having been instituted to recover the debt secured by said mortgage or any part thereof; NOW, THEREFORE, by virtue of the power of sale contained in said mortgage and pursuant to the Statutes of the State of Michigan in such case made and provided, NOTICE IS HEREBY GIVEN that the said mortgage will be foreclosed by a sale of the mortgaged premises at public vendue to the highest bidder at the Southerly or Congress Street entrance to the Court House in the City of Pontiac, County of Oakland, Michigan, that being the place of holding Circuit Court in said County, of the premises described in said mortgage, or so much thereof as may be necessary to pay the amount due as aforesaid, and any sum or sums which may be paid by the undersigned at or before said sale for taxes and/or insurance on said premises, and all other sums paid by the undersigned, with interest thereon, pursuant to law and to the terms of said mortgage, and all legal costs, charges and expenses, including an attorney's fee, which premises are described as follows:
HOME OWNERS' LOAN CORPORATION
August 3-Oct. 26
2362
PELTON & McGEE, Attorneys, Peoples State Bank Bldg., Pontiac, Michigan. NOTICE OF MORTGAGE SALE
Phillips Abbott and Dorothy Abbott, his wife
Default having been made in the terms and conditions of a certain mortgage made by the mortgagors to HOME OWNERS' LOAN CORPORATION, a Corporation organized under the laws of the United States of America, dated and recorded in the office of the Register of Deeds for the County of Oakland and State of Michigan, in Liber of Mortgages, on which mortgage there is claimed to be due at the date of this notice, for principal and interest, the sum stated, and an attorney's fee as provided for in said mortgage, and no suit or proceedings at law or in equity having been instituted to recover the debt secured by said mortgage or any part thereof; NOW, THEREFORE, by virtue of the power of sale contained in said mortgage and pursuant to the Statutes of the State of Michigan in such case made and provided, NOTICE IS HEREBY GIVEN that the said mortgage will be foreclosed by a sale of the mortgaged premises at public vendue to the highest bidder at the Southerly or Congress Street entrance to the Court House in the City of Pontiac, County of Oakland, Michigan, that being the place of holding Circuit Court in said County, of the premises described in said mortgage, or so much thereof as may be necessary to pay the amount due as aforesaid, and any sum or sums which may be paid by the undersigned at or before said sale for taxes and/or insurance on said premises, and all other sums paid by the undersigned, with interest thereon, pursuant to law and to the terms of said mortgage, and all legal costs, charges and expenses, including an attorney's fee, which premises are described as follows:
Default having been made in the terms and conditions of a certain mortgage made by the mortgagors to HOME OWNERS' LOAN CORPORATION, a Corporation organized under the laws of the United States of America, dated and recorded in the office of the Register of Deeds for the County of Oakland and State of Michigan, in Liber of Mortgages, on which mortgage there is claimed to be due at the date of this notice, for principal and interest, the sum stated, and an attorney's fee as provided for in said mortgage, and no suit or proceedings at law or in equity having been instituted to recover the debt secured by said mortgage or any part thereof; NOW, THEREFORE, by virtue of the power of sale contained in said mortgage and pursuant to the Statutes of the State of Michigan in such case made and provided, NOTICE IS HEREBY GIVEN that the said mortgage will be foreclosed by a sale of the mortgaged premises at public vendue to the highest bidder at the Southerly or Congress Street entrance to the Court House in the City of Pontiac, County of Oakland, Michigan, that being the place of holding Circuit Court in said County, of the premises described in said mortgage, or so much thereof as may be necessary to pay the amount due as aforesaid, and any sum or sums which may be paid by the undersigned at or before said sale for taxes and/or insurance on said premises, and all other sums paid by the undersigned, with interest thereon, pursuant to law and to the terms of said mortgage, and all legal costs, charges and expenses, including an attorney's fee, which premises are described as follows:
HOME OWNERS' LOAN CORPORATION
(continued) at the date of this notice for principal and interest
Default having been made in the terms and conditions of a certain mortgage made by the mortgagors to HOME OWNERS' LOAN CORPORATION, a Corporation organized under the laws of the United States of America, dated and recorded in the office of the Register of Deeds for the County of Oakland and State of Michigan, in Liber of Mortgages, on which mortgage there is claimed to be due at the date of this notice, for principal and interest, the sum stated, and an attorney's fee as provided for in said mortgage, and no suit or proceedings at law or in equity having been instituted to recover the debt secured by said mortgage or any part thereof; NOW, THEREFORE, by virtue of the power of sale contained in said mortgage and pursuant to the Statutes of the State of Michigan in such case made and provided, NOTICE IS HEREBY GIVEN that the said mortgage will be foreclosed by a sale of the mortgaged premises at public vendue to the highest bidder at the Southerly or Congress Street entrance to the Court House in the City of Pontiac, County of Oakland, Michigan, that being the place of holding Circuit Court in said County, of the premises described in said mortgage, or so much thereof as may be necessary to pay the amount due as aforesaid, and any sum or sums which may be paid by the undersigned at or before said sale for taxes and/or insurance on said premises, and all other sums paid by the undersigned, with interest thereon, pursuant to law and to the terms of said mortgage, and all legal costs, charges and expenses, including an attorney's fee, which premises are described as follows:
Default having been made in the terms and conditions of a certain mortgage made by the mortgagors to HOME OWNERS' LOAN CORPORATION, a Corporation organized under the laws of the United States of America, dated and recorded in the office of the Register of Deeds for the County of Oakland and State of Michigan, in Liber of Mortgages, on which mortgage there is claimed to be due at the date of this notice, for principal and interest, the sum stated, and an attorney's fee as provided for in said mortgage, and no suit or proceedings at law or in equity having been instituted to recover the debt secured by said mortgage or any part thereof; NOW, THEREFORE, by virtue of the power of sale contained in said mortgage and pursuant to the Statutes of the State of Michigan in such case made and provided, NOTICE IS HEREBY GIVEN that the said mortgage will be foreclosed by a sale of the mortgaged premises at public vendue to the highest bidder at the Southerly or Congress Street entrance to the Court House in the City of Pontiac, County of Oakland, Michigan, that being the place of holding Circuit Court in said County, of the premises described in said mortgage, or so much thereof as may be necessary to pay the amount due as aforesaid, and any sum or sums which may be paid by the undersigned at or before said sale for taxes and/or insurance on said premises, and all other sums paid by the undersigned, with interest thereon, pursuant to law and to the terms of said mortgage, and all legal costs, charges and expenses, including an attorney's fee, which premises are described as follows:
HOME OWNERS' LOAN CORPORATION
Aug. 17-Nov. 9
2371
MORTGAGE SALE
Charles L. Rousseau and Dorothy Rousseau
Default having been made in the terms and conditions of a certain mortgage made by the mortgagors to HOME OWNERS' LOAN CORPORATION, a Corporation organized under the laws of the United States of America, dated and recorded in the office of the Register of Deeds for the County of Oakland and State of Michigan, in Liber of Mortgages, on which mortgage there is claimed to be due at the date of this notice, for principal and interest, the sum stated, and an attorney's fee as provided for in said mortgage, and no suit or proceedings at law or in equity having been instituted to recover the debt secured by said mortgage or any part thereof; NOW, THEREFORE, by virtue of the power of sale contained in said mortgage and pursuant to the Statutes of the State of Michigan in such case made and provided, NOTICE IS HEREBY GIVEN that the said mortgage will be foreclosed by a sale of the mortgaged premises at public vendue to the highest bidder at the Southerly or Congress Street entrance to the Court House in the City of Pontiac, County of Oakland, Michigan, that being the place of holding Circuit Court in said County, of the premises described in said mortgage, or so much thereof as may be necessary to pay the amount due as aforesaid, and any sum or sums which may be paid by the undersigned at or before said sale for taxes and/or insurance on said premises, and all other sums paid by the undersigned, with interest thereon, pursuant to law and to the terms of said mortgage, and all legal costs, charges and expenses, including an attorney's fee, which premises are described as follows:
Default having been made in the terms and conditions of a certain mortgage made by the mortgagors to HOME OWNERS' LOAN CORPORATION, a Corporation organized under the laws of the United States of America, dated and recorded in the office of the Register of Deeds for the County of Oakland and State of Michigan, in Liber of Mortgages, on which mortgage there is claimed to be due at the date of this notice, for principal and interest, the sum stated, and an attorney's fee as provided for in said mortgage, and no suit or proceedings at law or in equity having been instituted to recover the debt secured by said mortgage or any part thereof; NOW, THEREFORE, by virtue of the power of sale contained in said mortgage and pursuant to the Statutes of the State of Michigan in such case made and provided, NOTICE IS HEREBY GIVEN that the said mortgage will be foreclosed by a sale of the mortgaged premises at public vendue to the highest bidder at the Southerly or Congress Street entrance to the Court House in the City of Pontiac, County of Oakland, Michigan, that being the place of holding Circuit Court in said County, of the premises described in said mortgage, or so much thereof as may be necessary to pay the amount due as aforesaid, and any sum or sums which may be paid by the undersigned at or before said sale for taxes and/or insurance on said premises, and all other sums paid by the undersigned, with interest thereon, pursuant to law and to the terms of said mortgage, and all legal costs, charges and expenses, including an attorney's fee, which premises are described as follows:
HOME OWNERS' LOAN CORPORATION
August 17-Nov. 9
2337
PELTON & McGEE, Attorneys, Peoples State Bank Bldg., Pontiac, Michigan. NOTICE OF MORTGAGE SALE
Default having been made in the terms and conditions of a certain mortgage made by the mortgagors to HOME OWNERS' LOAN CORPORATION, a Corporation organized under the laws of the United States of America, dated and recorded in the office of the Register of Deeds for the County of Oakland and State of Michigan, in Liber of Mortgages, on which mortgage there is claimed to be due at the date of this notice, for principal and interest, the sum stated, and an attorney's fee as provided for in said mortgage, and no suit or proceedings at law or in equity having been instituted to recover the debt secured by said mortgage or any part thereof; NOW, THEREFORE, by virtue of the power of sale contained in said mortgage and pursuant to the Statutes of the State of Michigan in such case made and provided, NOTICE IS HEREBY GIVEN that the said mortgage will be foreclosed by a sale of the mortgaged premises at public vendue to the highest bidder at the Southerly or Congress Street entrance to the Court House in the City of Pontiac, County of Oakland, Michigan, that being the place of holding Circuit Court in said County, of the premises described in said mortgage, or so much thereof as may be necessary to pay the amount due as aforesaid, and any sum or sums which may be paid by the undersigned at or before said sale for taxes and/or insurance on said premises, and all other sums paid by the undersigned, with interest thereon, pursuant to law and to the terms of said mortgage, and all legal costs, charges and expenses, including an attorney's fee, which premises are described as follows:
Default having been made in the terms and conditions of a certain mortgage made by the mortgagors to HOME OWNERS' LOAN CORPORATION, a Corporation organized under the laws of the United States of America, dated and recorded in the office of the Register of Deeds for the County of Oakland and State of Michigan, in Liber of Mortgages, on which mortgage there is claimed to be due at the date of this notice, for principal and interest, the sum stated, and an attorney's fee as provided for in said mortgage, and no suit or proceedings at law or in equity having been instituted to recover the debt secured by said mortgage or any part thereof; NOW, THEREFORE, by virtue of the power of sale contained in said mortgage and pursuant to the Statutes of the State of Michigan in such case made and provided, NOTICE IS HEREBY GIVEN that the said mortgage will be foreclosed by a sale of the mortgaged premises at public vendue to the highest bidder at the Southerly or Congress Street entrance to the Court House in the City of Pontiac, County of Oakland, Michigan, that being the place of holding Circuit Court in said County, of the premises described in said mortgage, or so much thereof as may be necessary to pay the amount due as aforesaid, and any sum or sums which may be paid by the undersigned at or before said sale for taxes and/or insurance on said premises, and all other sums paid by the undersigned, with interest thereon, pursuant to law and to the terms of said mortgage, and all legal costs, charges and expenses, including an attorney's fee, which premises are described as follows:
HOME OWNERS' LOAN CORPORATION
July 27-Oct. 19
